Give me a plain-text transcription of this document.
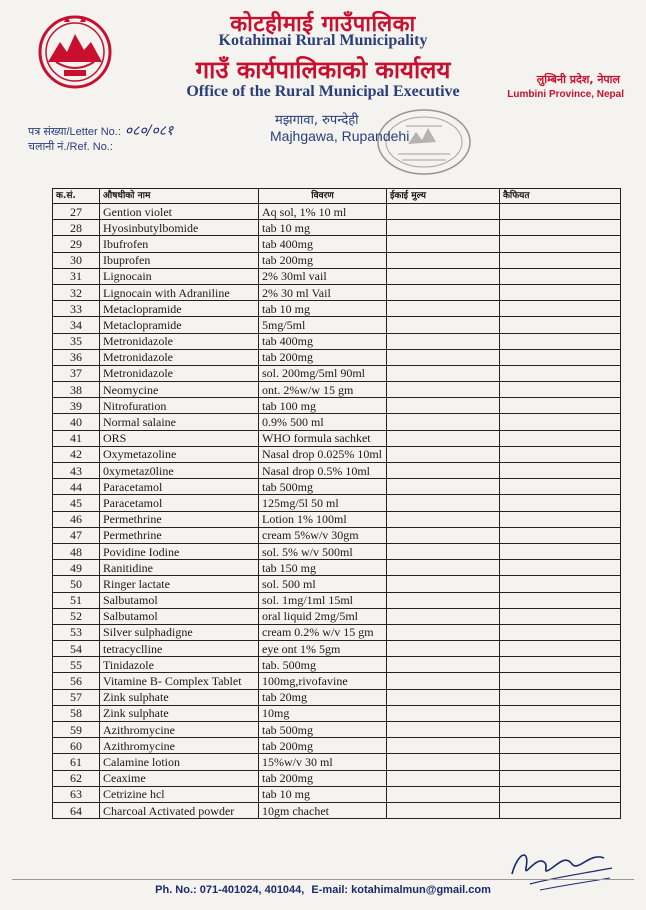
कोटहीमाई गाउँपालिका
Kotahimai Rural Municipality
गाउँ कार्यपालिकाको कार्यालय
Office of the Rural Municipal Executive
लुम्बिनी प्रदेश, नेपाल
Lumbini Province, Nepal
मझगावा, रुपन्देही
Majhgawa, Rupandehi
पत्र संख्या/Letter No.: ०८०/०८१
चलानी नं./Ref. No.:
क.सं.	औषधीको नाम	विवरण	ईकाई मुल्य	कैफियत
27	Gention violet	Aq sol, 1% 10 ml		
28	Hyosinbutylbomide	tab 10 mg		
29	Ibufrofen	tab 400mg		
30	Ibuprofen	tab 200mg		
31	Lignocain	2% 30ml vail		
32	Lignocain with Adraniline	2% 30 ml Vail		
33	Metaclopramide	tab 10 mg		
34	Metaclopramide	5mg/5ml		
35	Metronidazole	tab 400mg		
36	Metronidazole	tab 200mg		
37	Metronidazole	sol. 200mg/5ml 90ml		
38	Neomycine	ont. 2%w/w 15 gm		
39	Nitrofuration	tab 100 mg		
40	Normal salaine	0.9% 500 ml		
41	ORS	WHO formula sachket		
42	Oxymetazoline	Nasal drop 0.025% 10ml		
43	0xymetaz0line	Nasal drop 0.5% 10ml		
44	Paracetamol	tab 500mg		
45	Paracetamol	125mg/5l 50 ml		
46	Permethrine	Lotion 1% 100ml		
47	Permethrine	cream 5%w/v 30gm		
48	Povidine Iodine	sol. 5% w/v 500ml		
49	Ranitidine	tab 150 mg		
50	Ringer lactate	sol. 500 ml		
51	Salbutamol	sol. 1mg/1ml 15ml		
52	Salbutamol	oral liquid 2mg/5ml		
53	Silver sulphadigne	cream 0.2% w/v 15 gm		
54	tetracyclline	eye ont 1% 5gm		
55	Tinidazole	tab. 500mg		
56	Vitamine B- Complex Tablet	100mg,rivofavine		
57	Zink sulphate	tab 20mg		
58	Zink sulphate	10mg		
59	Azithromycine	tab 500mg		
60	Azithromycine	tab 200mg		
61	Calamine lotion	15%w/v 30 ml		
62	Ceaxime	tab 200mg		
63	Cetrizine hcl	tab 10 mg		
64	Charcoal Activated powder	10gm chachet		
Ph. No.: 071-401024, 401044, E-mail: kotahimalmun@gmail.com
